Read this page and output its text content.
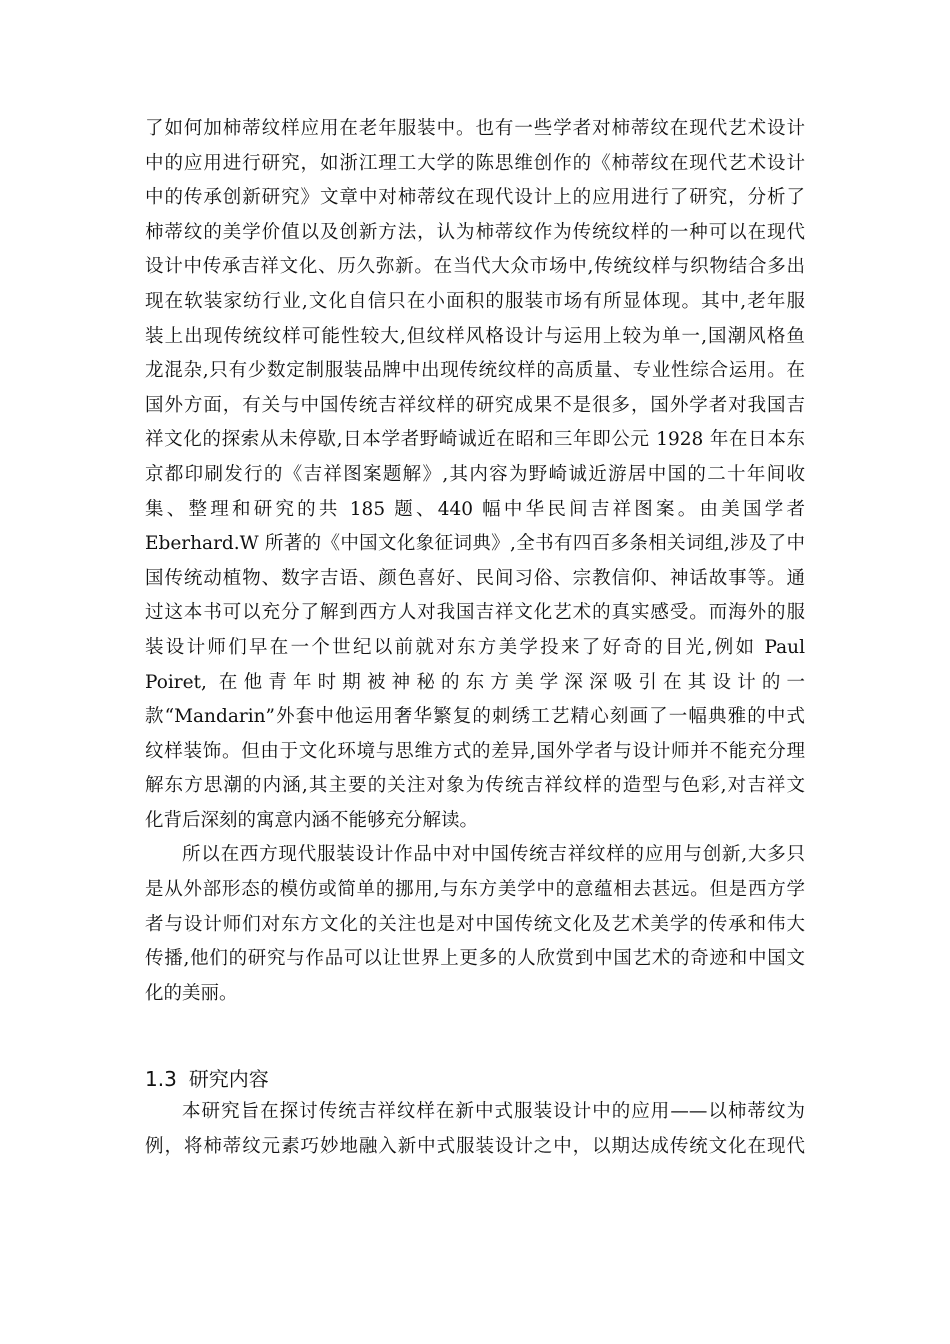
了如何加柿蒂纹样应用在老年服装中。也有一些学者对柿蒂纹在现代艺术设计
中的应用进行研究，如浙江理工大学的陈思维创作的《柿蒂纹在现代艺术设计
中的传承创新研究》文章中对柿蒂纹在现代设计上的应用进行了研究，分析了
柿蒂纹的美学价值以及创新方法，认为柿蒂纹作为传统纹样的一种可以在现代
设计中传承吉祥文化、历久弥新。在当代大众市场中,传统纹样与织物结合多出
现在软装家纺行业,文化自信只在小面积的服装市场有所显体现。其中,老年服
装上出现传统纹样可能性较大,但纹样风格设计与运用上较为单一,国潮风格鱼
龙混杂,只有少数定制服装品牌中出现传统纹样的高质量、专业性综合运用。在
国外方面，有关与中国传统吉祥纹样的研究成果不是很多，国外学者对我国吉
祥文化的探索从未停歇,日本学者野崎诚近在昭和三年即公元 1928 年在日本东
京都印刷发行的《吉祥图案题解》,其内容为野崎诚近游居中国的二十年间收
集、整理和研究的共 185 题、440 幅中华民间吉祥图案。由美国学者
Eberhard.W 所著的《中国文化象征词典》,全书有四百多条相关词组,涉及了中
国传统动植物、数字吉语、颜色喜好、民间习俗、宗教信仰、神话故事等。通
过这本书可以充分了解到西方人对我国吉祥文化艺术的真实感受。而海外的服
装设计师们早在一个世纪以前就对东方美学投来了好奇的目光,例如 Paul
Poiret, 在他青年时期被神秘的东方美学深深吸引在其设计的一
款“Mandarin”外套中他运用奢华繁复的刺绣工艺精心刻画了一幅典雅的中式
纹样装饰。但由于文化环境与思维方式的差异,国外学者与设计师并不能充分理
解东方思潮的内涵,其主要的关注对象为传统吉祥纹样的造型与色彩,对吉祥文
化背后深刻的寓意内涵不能够充分解读。

所以在西方现代服装设计作品中对中国传统吉祥纹样的应用与创新,大多只
是从外部形态的模仿或简单的挪用,与东方美学中的意蕴相去甚远。但是西方学
者与设计师们对东方文化的关注也是对中国传统文化及艺术美学的传承和伟大
传播,他们的研究与作品可以让世界上更多的人欣赏到中国艺术的奇迹和中国文
化的美丽。

1.3 研究内容

本研究旨在探讨传统吉祥纹样在新中式服装设计中的应用——以柿蒂纹为
例，将柿蒂纹元素巧妙地融入新中式服装设计之中，以期达成传统文化在现代
